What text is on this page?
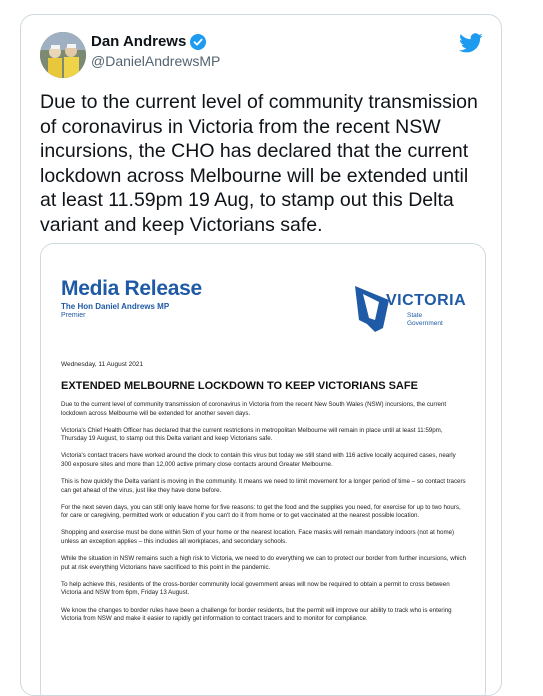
Dan Andrews
@DanielAndrewsMP
Due to the current level of community transmission of coronavirus in Victoria from the recent NSW incursions, the CHO has declared that the current lockdown across Melbourne will be extended until at least 11.59pm 19 Aug, to stamp out this Delta variant and keep Victorians safe.
Media Release
The Hon Daniel Andrews MP
Premier
VICTORIA
State
Government
Wednesday, 11 August 2021
EXTENDED MELBOURNE LOCKDOWN TO KEEP VICTORIANS SAFE

Due to the current level of community transmission of coronavirus in Victoria from the recent New South Wales (NSW) incursions, the current lockdown across Melbourne will be extended for another seven days.

Victoria's Chief Health Officer has declared that the current restrictions in metropolitan Melbourne will remain in place until at least 11:59pm, Thursday 19 August, to stamp out this Delta variant and keep Victorians safe.

Victoria's contact tracers have worked around the clock to contain this virus but today we still stand with 116 active locally acquired cases, nearly 300 exposure sites and more than 12,000 active primary close contacts around Greater Melbourne.

This is how quickly the Delta variant is moving in the community. It means we need to limit movement for a longer period of time – so contact tracers can get ahead of the virus, just like they have done before.

For the next seven days, you can still only leave home for five reasons: to get the food and the supplies you need, for exercise for up to two hours, for care or caregiving, permitted work or education if you can't do it from home or to get vaccinated at the nearest possible location.

Shopping and exercise must be done within 5km of your home or the nearest location. Face masks will remain mandatory indoors (not at home) unless an exception applies – this includes all workplaces, and secondary schools.

While the situation in NSW remains such a high risk to Victoria, we need to do everything we can to protect our border from further incursions, which put at risk everything Victorians have sacrificed to this point in the pandemic.

To help achieve this, residents of the cross-border community local government areas will now be required to obtain a permit to cross between Victoria and NSW from 6pm, Friday 13 August.

We know the changes to border rules have been a challenge for border residents, but the permit will improve our ability to track who is entering Victoria from NSW and make it easier to rapidly get information to contact tracers and to monitor for compliance.
